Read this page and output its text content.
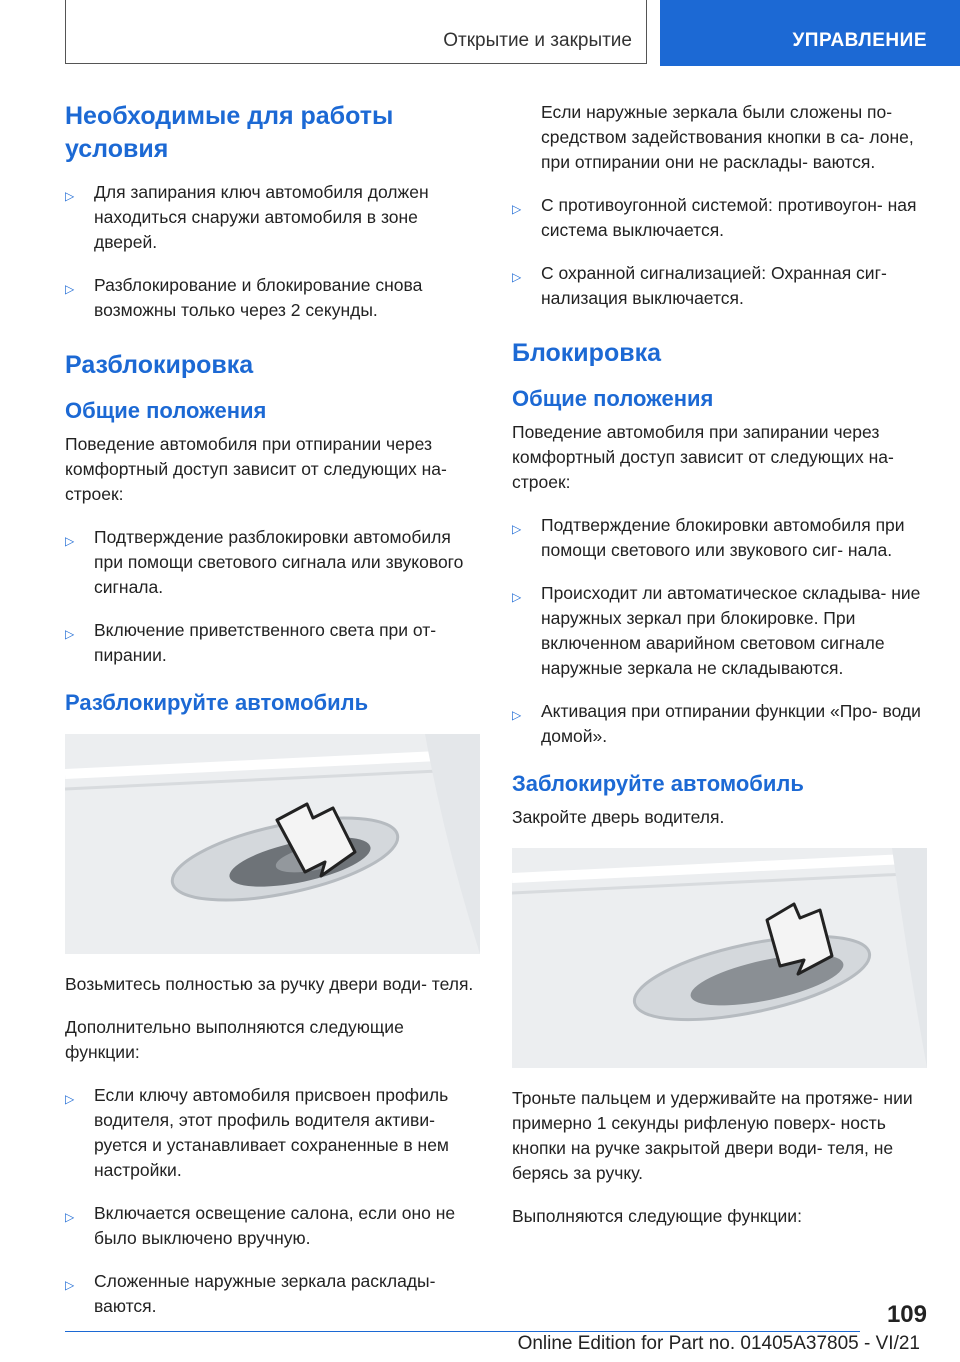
Открытие и закрытие	УПРАВЛЕНИЕ
Необходимые для работы условия
▷ Для запирания ключ автомобиля должен находиться снаружи автомобиля в зоне дверей.
▷ Разблокирование и блокирование снова возможны только через 2 секунды.
Разблокировка
Общие положения

Поведение автомобиля при отпирании через комфортный доступ зависит от следующих на- строек:

▷ Подтверждение разблокировки автомобиля при помощи светового сигнала или звукового сигнала.
▷ Включение приветственного света при от- пирании.
Разблокируйте автомобиль

Возьмитесь полностью за ручку двери води- теля.

Дополнительно выполняются следующие функции:

▷ Если ключу автомобиля присвоен профиль водителя, этот профиль водителя активи- руется и устанавливает сохраненные в нем настройки.
▷ Включается освещение салона, если оно не было выключено вручную.
▷ Сложенные наружные зеркала расклады- ваются.

Если наружные зеркала были сложены по- средством задействования кнопки в са- лоне, при отпирании они не расклады- ваются.

▷ С противоугонной системой: противоугон- ная система выключается.
▷ С охранной сигнализацией: Охранная сиг- нализация выключается.
Блокировка
Общие положения

Поведение автомобиля при запирании через комфортный доступ зависит от следующих на- строек:

▷ Подтверждение блокировки автомобиля при помощи светового или звукового сиг- нала.
▷ Происходит ли автоматическое складыва- ние наружных зеркал при блокировке. При включенном аварийном световом сигнале наружные зеркала не складываются.
▷ Активация при отпирании функции «Про- води домой».
Заблокируйте автомобиль

Закройте дверь водителя.

Троньте пальцем и удерживайте на протяже- нии примерно 1 секунды рифленую поверх- ность кнопки на ручке закрытой двери води- теля, не берясь за ручку.

Выполняются следующие функции:

109
Online Edition for Part no. 01405A37805 - VI/21
